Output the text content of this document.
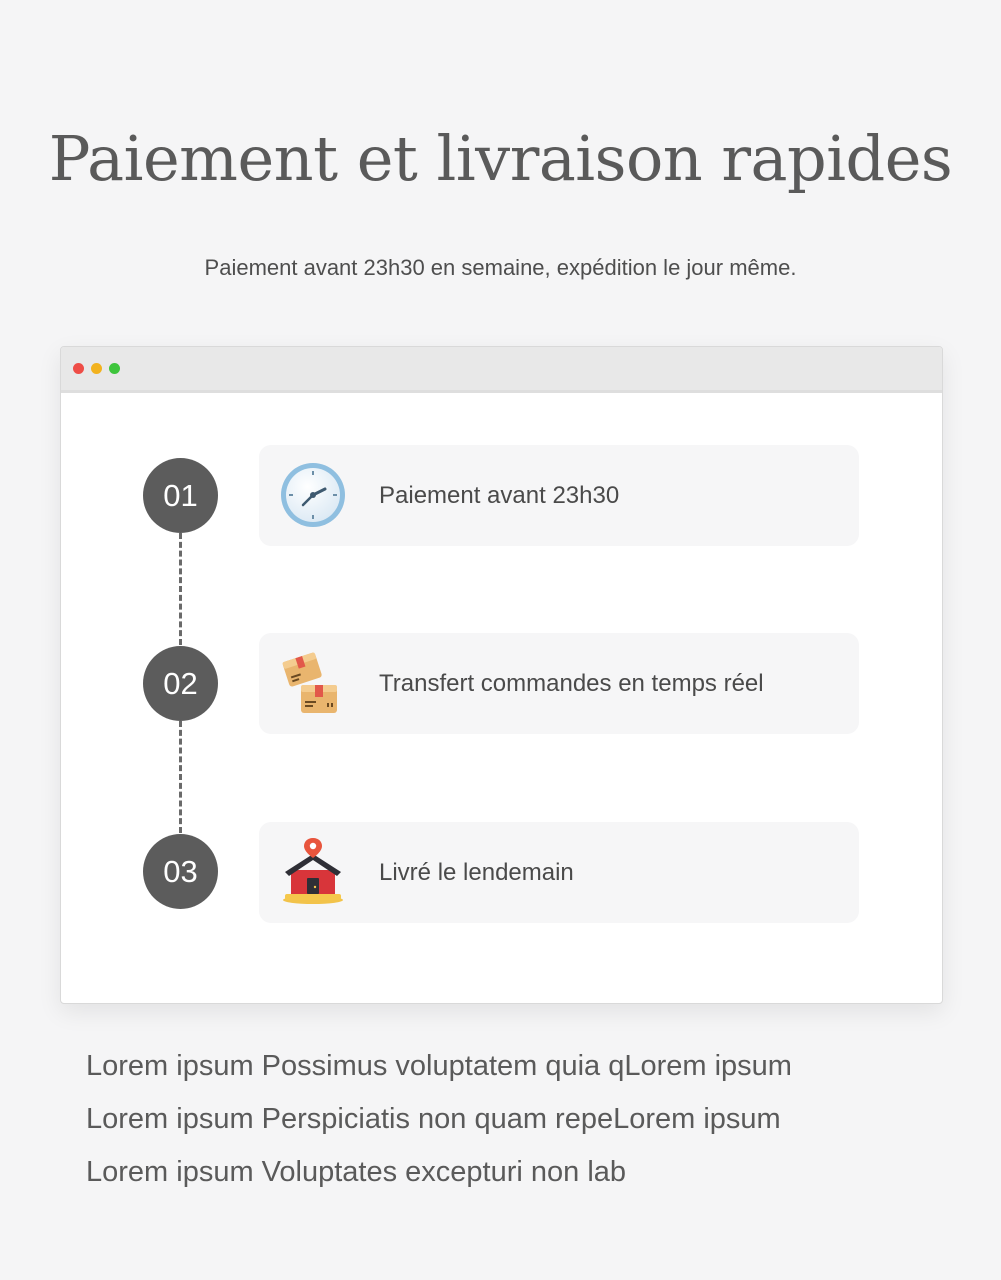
Paiement et livraison rapides

Paiement avant 23h30 en semaine, expédition le jour même.

01	Paiement avant 23h30
02	Transfert commandes en temps réel
03	Livré le lendemain
Lorem ipsum Possimus voluptatem quia qLorem ipsum
Lorem ipsum Perspiciatis non quam repeLorem ipsum
Lorem ipsum Voluptates excepturi non lab
